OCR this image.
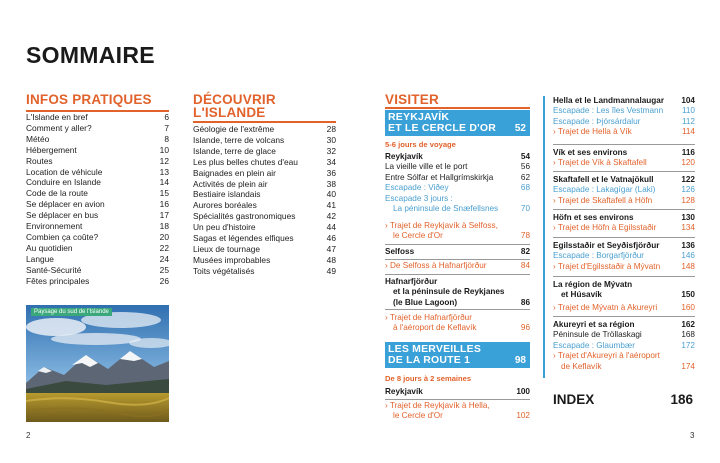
SOMMAIRE
INFOS PRATIQUES
L'Islande en bref	6
Comment y aller?	7
Météo	8
Hébergement	10
Routes	12
Location de véhicule	13
Conduire en Islande	14
Code de la route	15
Se déplacer en avion	16
Se déplacer en bus	17
Environnement	18
Combien ça coûte?	20
Au quotidien	22
Langue	24
Santé-Sécurité	25
Fêtes principales	26
Paysage du sud de l'Islande
DÉCOUVRIR
L'ISLANDE
Géologie de l'extrême	28
Islande, terre de volcans	30
Islande, terre de glace	32
Les plus belles chutes d'eau	34
Baignades en plein air	36
Activités de plein air	38
Bestiaire islandais	40
Aurores boréales	41
Spécialités gastronomiques	42
Un peu d'histoire	44
Sagas et légendes elfiques	46
Lieux de tournage	47
Musées improbables	48
Toits végétalisés	49
VISITER
REYKJAVÍK
ET LE CERCLE D'OR	52
5-6 jours de voyage
Reykjavík	54
La vieille ville et le port	56
Entre Sólfar et Hallgrímskirkja	62
Escapade : Viðey	68
Escapade 3 jours :
La péninsule de Snæfellsnes	70
› Trajet de Reykjavík à Selfoss,
le Cercle d'Or	78
Selfoss	82
› De Selfoss à Hafnarfjörður	84
Hafnarfjörður
et la péninsule de Reykjanes
(le Blue Lagoon)	86
› Trajet de Hafnarfjörður
à l'aéroport de Keflavík	96
LES MERVEILLES
DE LA ROUTE 1	98
De 8 jours à 2 semaines
Reykjavík	100
› Trajet de Reykjavík à Hella,
le Cercle d'Or	102
Hella et le Landmannalaugar 104
Escapade : Les îles Vestmann 110
Escapade : Þjórsárdalur	112
› Trajet de Hella à Vík	114
Vík et ses environs	116
› Trajet de Vík à Skaftafell	120
Skaftafell et le Vatnajökull	122
Escapade : Lakagígar (Laki)	126
› Trajet de Skaftafell à Höfn	128
Höfn et ses environs	130
› Trajet de Höfn à Egilsstaðir	134
Egilsstaðir et Seyðisfjörður	136
Escapade : Borgarfjörður	146
› Trajet d'Egilsstaðir à Mývatn	148
La région de Mývatn
et Húsavík	150
› Trajet de Mývatn à Akureyri	160
Akureyri et sa région	162
Péninsule de Tröllaskagi	168
Escapade : Glaumbær	172
› Trajet d'Akureyri à l'aéroport
de Keflavík	174
INDEX	186
2	3
